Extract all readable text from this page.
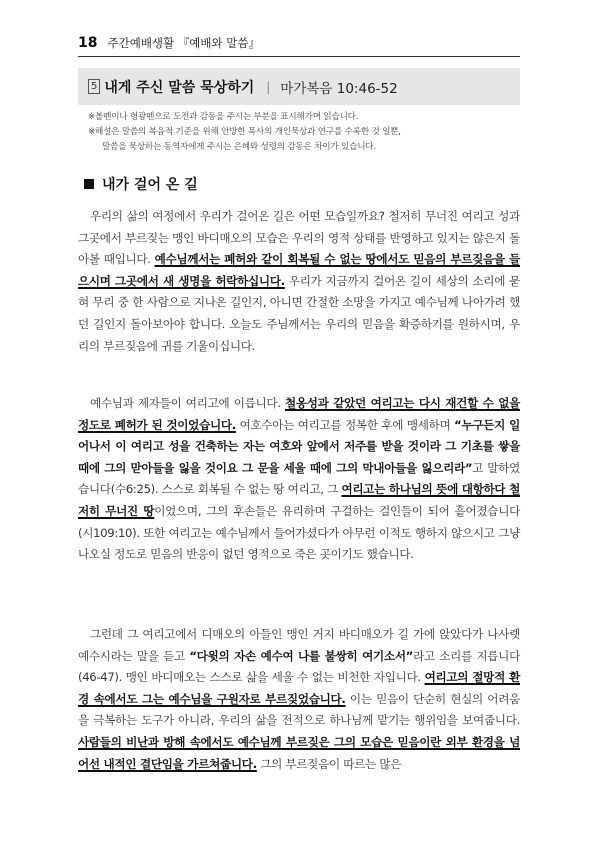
18 주간예배생활 『예배와 말씀』
5 내게 주신 말씀 묵상하기 | 마가복음 10:46-52

※볼펜이나 형광펜으로 도전과 감동을 주시는 부분을 표시해가며 읽습니다.

※해설은 말씀의 복음적 기준을 위해 안방한 목사의 개인묵상과 연구를 수록한 것 일뿐,

말씀을 묵상하는 동역자에게 주시는 은혜와 성령의 감동은 차이가 있습니다.

내가 걸어 온 길

우리의 삶의 여정에서 우리가 걸어온 길은 어떤 모습일까요? 철저히 무너진 여리고 성과 그곳에서 부르짖는 맹인 바디매오의 모습은 우리의 영적 상태를 반영하고 있지는 않은지 돌아볼 때입니다. 예수님께서는 폐허와 같이 회복될 수 없는 땅에서도 믿음의 부르짖음을 들으시며 그곳에서 새 생명을 허락하십니다. 우리가 지금까지 걸어온 길이 세상의 소리에 묻혀 무리 중 한 사람으로 지나온 길인지, 아니면 간절한 소망을 가지고 예수님께 나아가려 했던 길인지 돌아보아야 합니다. 오늘도 주님께서는 우리의 믿음을 확증하기를 원하시며, 우리의 부르짖음에 귀를 기울이십니다.

예수님과 제자들이 여리고에 이릅니다. 철옹성과 같았던 여리고는 다시 재건할 수 없을 정도로 폐허가 된 것이었습니다. 여호수아는 여리고를 정복한 후에 맹세하며 “누구든지 일어나서 이 여리고 성을 건축하는 자는 여호와 앞에서 저주를 받을 것이라 그 기초를 쌓을 때에 그의 맏아들을 잃을 것이요 그 문을 세울 때에 그의 막내아들을 잃으리라”고 말하였습니다(수6:25). 스스로 회복될 수 없는 땅 여리고, 그 여리고는 하나님의 뜻에 대항하다 철저히 무너진 땅이었으며, 그의 후손들은 유리하며 구걸하는 걸인들이 되어 흩어졌습니다(시109:10). 또한 여리고는 예수님께서 들어가셨다가 아무런 이적도 행하지 않으시고 그냥 나오실 정도로 믿음의 반응이 없던 영적으로 죽은 곳이기도 했습니다.

그런데 그 여리고에서 디매오의 아들인 맹인 거지 바디매오가 길 가에 앉았다가 나사렛 예수시라는 말을 듣고 “다윗의 자손 예수여 나를 불쌍히 여기소서”라고 소리를 지릅니다(46-47). 맹인 바디매오는 스스로 삶을 세울 수 없는 비천한 자입니다. 여리고의 절망적 환경 속에서도 그는 예수님을 구원자로 부르짖었습니다. 이는 믿음이 단순히 현실의 어려움을 극복하는 도구가 아니라, 우리의 삶을 전적으로 하나님께 맡기는 행위임을 보여줍니다. 사람들의 비난과 방해 속에서도 예수님께 부르짖은 그의 모습은 믿음이란 외부 환경을 넘어선 내적인 결단임을 가르쳐줍니다. 그의 부르짖음이 따르는 많은
